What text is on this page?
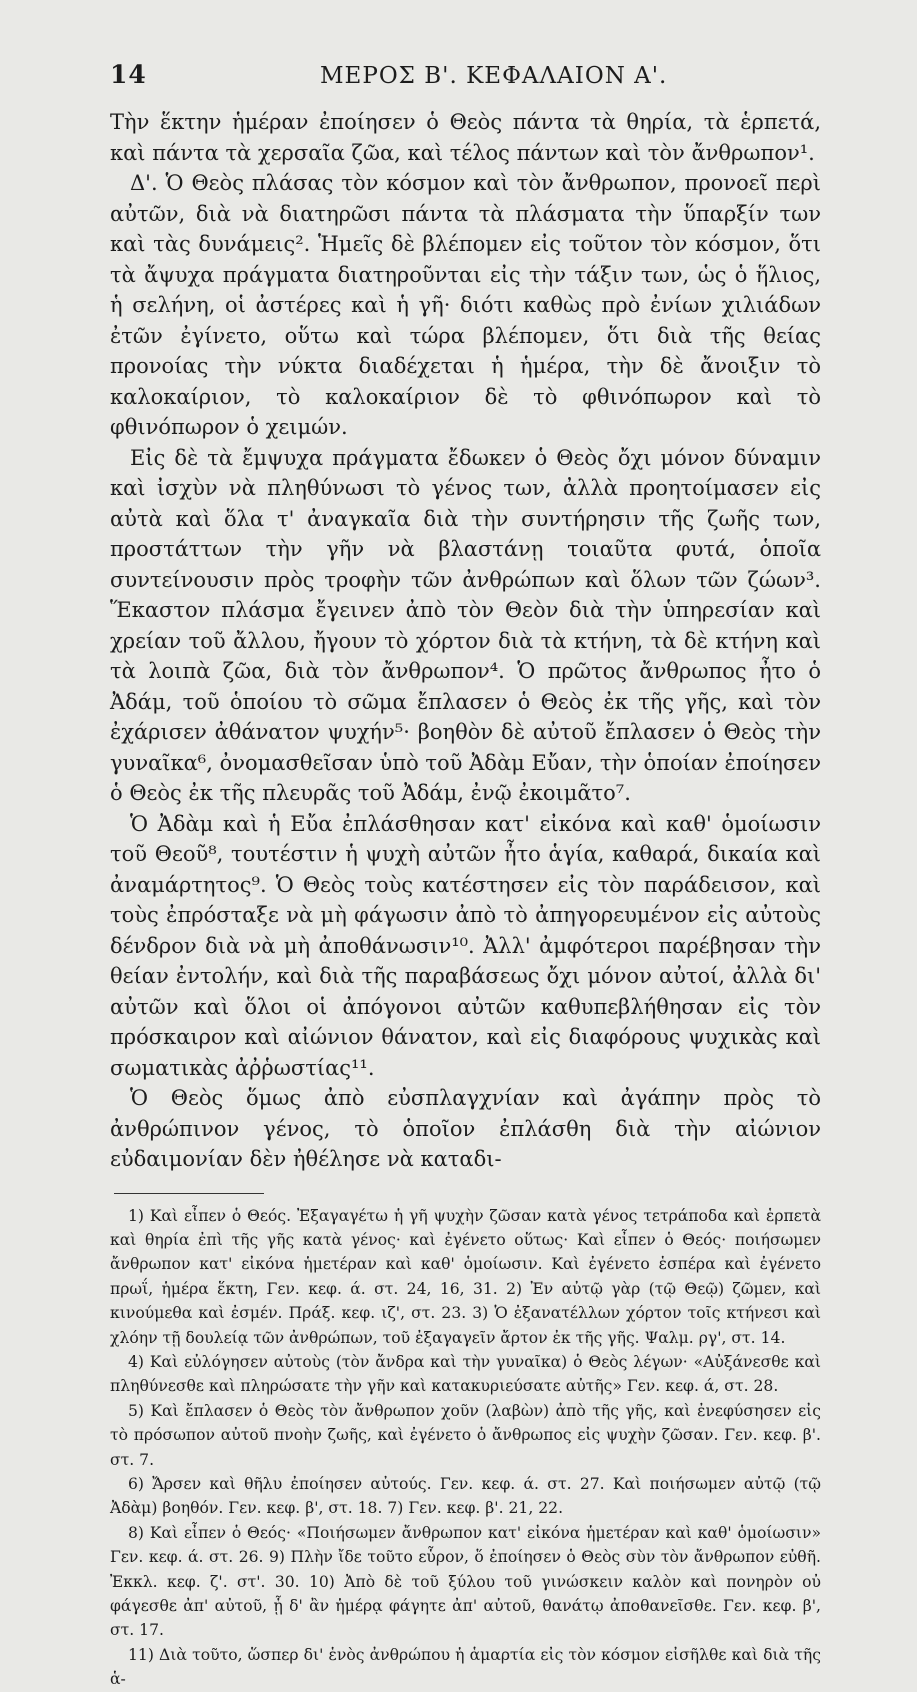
14	ΜΕΡΟΣ Β'. ΚΕΦΑΛΑΙΟΝ Α'.

Τὴν ἕκτην ἡμέραν ἐποίησεν ὁ Θεὸς πάντα τὰ θηρία, τὰ ἑρπετά, καὶ πάντα τὰ χερσαῖα ζῶα, καὶ τέλος πάντων καὶ τὸν ἄνθρωπον¹.

Δ'. Ὁ Θεὸς πλάσας τὸν κόσμον καὶ τὸν ἄνθρωπον, προνοεῖ περὶ αὐτῶν, διὰ νὰ διατηρῶσι πάντα τὰ πλάσματα τὴν ὕπαρξίν των καὶ τὰς δυνάμεις². Ἡμεῖς δὲ βλέπομεν εἰς τοῦτον τὸν κόσμον, ὅτι τὰ ἄψυχα πράγματα διατηροῦνται εἰς τὴν τάξιν των, ὡς ὁ ἥλιος, ἡ σελήνη, οἱ ἀστέρες καὶ ἡ γῆ· διότι καθὼς πρὸ ἐνίων χιλιάδων ἐτῶν ἐγίνετο, οὕτω καὶ τώρα βλέπομεν, ὅτι διὰ τῆς θείας προνοίας τὴν νύκτα διαδέχεται ἡ ἡμέρα, τὴν δὲ ἄνοιξιν τὸ καλοκαίριον, τὸ καλοκαίριον δὲ τὸ φθινόπωρον καὶ τὸ φθινόπωρον ὁ χειμών.

Εἰς δὲ τὰ ἔμψυχα πράγματα ἔδωκεν ὁ Θεὸς ὄχι μόνον δύναμιν καὶ ἰσχὺν νὰ πληθύνωσι τὸ γένος των, ἀλλὰ προητοίμασεν εἰς αὐτὰ καὶ ὅλα τ' ἀναγκαῖα διὰ τὴν συντήρησιν τῆς ζωῆς των, προστάττων τὴν γῆν νὰ βλαστάνῃ τοιαῦτα φυτά, ὁποῖα συντείνουσιν πρὸς τροφὴν τῶν ἀνθρώπων καὶ ὅλων τῶν ζώων³. Ἕκαστον πλάσμα ἔγεινεν ἀπὸ τὸν Θεὸν διὰ τὴν ὑπηρεσίαν καὶ χρείαν τοῦ ἄλλου, ἤγουν τὸ χόρτον διὰ τὰ κτήνη, τὰ δὲ κτήνη καὶ τὰ λοιπὰ ζῶα, διὰ τὸν ἄνθρωπον⁴. Ὁ πρῶτος ἄνθρωπος ἦτο ὁ Ἀδάμ, τοῦ ὁποίου τὸ σῶμα ἔπλασεν ὁ Θεὸς ἐκ τῆς γῆς, καὶ τὸν ἐχάρισεν ἀθάνατον ψυχήν⁵· βοηθὸν δὲ αὐτοῦ ἔπλασεν ὁ Θεὸς τὴν γυναῖκα⁶, ὀνομασθεῖσαν ὑπὸ τοῦ Ἀδὰμ Εὔαν, τὴν ὁποίαν ἐποίησεν ὁ Θεὸς ἐκ τῆς πλευρᾶς τοῦ Ἀδάμ, ἐνῷ ἐκοιμᾶτο⁷.

Ὁ Ἀδὰμ καὶ ἡ Εὔα ἐπλάσθησαν κατ' εἰκόνα καὶ καθ' ὁμοίωσιν τοῦ Θεοῦ⁸, τουτέστιν ἡ ψυχὴ αὐτῶν ἦτο ἁγία, καθαρά, δικαία καὶ ἀναμάρτητος⁹. Ὁ Θεὸς τοὺς κατέστησεν εἰς τὸν παράδεισον, καὶ τοὺς ἐπρόσταξε νὰ μὴ φάγωσιν ἀπὸ τὸ ἀπηγορευμένον εἰς αὐτοὺς δένδρον διὰ νὰ μὴ ἀποθάνωσιν¹⁰. Ἀλλ' ἀμφότεροι παρέβησαν τὴν θείαν ἐντολήν, καὶ διὰ τῆς παραβάσεως ὄχι μόνον αὐτοί, ἀλλὰ δι' αὐτῶν καὶ ὅλοι οἱ ἀπόγονοι αὐτῶν καθυπεβλήθησαν εἰς τὸν πρόσκαιρον καὶ αἰώνιον θάνατον, καὶ εἰς διαφόρους ψυχικὰς καὶ σωματικὰς ἀῤῥωστίας¹¹.

Ὁ Θεὸς ὅμως ἀπὸ εὐσπλαγχνίαν καὶ ἀγάπην πρὸς τὸ ἀνθρώπινον γένος, τὸ ὁποῖον ἐπλάσθη διὰ τὴν αἰώνιον εὐδαιμονίαν δὲν ἠθέλησε νὰ καταδι-

1) Καὶ εἶπεν ὁ Θεός. Ἐξαγαγέτω ἡ γῆ ψυχὴν ζῶσαν κατὰ γένος τετράποδα καὶ ἑρπετὰ καὶ θηρία ἐπὶ τῆς γῆς κατὰ γένος· καὶ ἐγένετο οὕτως· Καὶ εἶπεν ὁ Θεός· ποιήσωμεν ἄνθρωπον κατ' εἰκόνα ἡμετέραν καὶ καθ' ὁμοίωσιν. Καὶ ἐγένετο ἑσπέρα καὶ ἐγένετο πρωΐ, ἡμέρα ἕκτη, Γεν. κεφ. ά. στ. 24, 16, 31. 2) Ἐν αὐτῷ γὰρ (τῷ Θεῷ) ζῶμεν, καὶ κινούμεθα καὶ ἐσμέν. Πράξ. κεφ. ιζ', στ. 23. 3) Ὁ ἐξανατέλλων χόρτον τοῖς κτήνεσι καὶ χλόην τῇ δουλείᾳ τῶν ἀνθρώπων, τοῦ ἐξαγαγεῖν ἄρτον ἐκ τῆς γῆς. Ψαλμ. ργ', στ. 14.

4) Καὶ εὐλόγησεν αὐτοὺς (τὸν ἄνδρα καὶ τὴν γυναῖκα) ὁ Θεὸς λέγων· «Αὐξάνεσθε καὶ πληθύνεσθε καὶ πληρώσατε τὴν γῆν καὶ κατακυριεύσατε αὐτῆς» Γεν. κεφ. ά, στ. 28.

5) Καὶ ἔπλασεν ὁ Θεὸς τὸν ἄνθρωπον χοῦν (λαβὼν) ἀπὸ τῆς γῆς, καὶ ἐνεφύσησεν εἰς τὸ πρόσωπον αὐτοῦ πνοὴν ζωῆς, καὶ ἐγένετο ὁ ἄνθρωπος εἰς ψυχὴν ζῶσαν. Γεν. κεφ. β'. στ. 7.

6) Ἄρσεν καὶ θῆλυ ἐποίησεν αὐτούς. Γεν. κεφ. ά. στ. 27. Καὶ ποιήσωμεν αὐτῷ (τῷ Ἀδὰμ) βοηθόν. Γεν. κεφ. β', στ. 18. 7) Γεν. κεφ. β'. 21, 22.

8) Καὶ εἶπεν ὁ Θεός· «Ποιήσωμεν ἄνθρωπον κατ' εἰκόνα ἡμετέραν καὶ καθ' ὁμοίωσιν» Γεν. κεφ. ά. στ. 26. 9) Πλὴν ἴδε τοῦτο εὗρον, ὅ ἐποίησεν ὁ Θεὸς σὺν τὸν ἄνθρωπον εὐθῆ. Ἐκκλ. κεφ. ζ'. στ'. 30. 10) Ἀπὸ δὲ τοῦ ξύλου τοῦ γινώσκειν καλὸν καὶ πονηρὸν οὐ φάγεσθε ἀπ' αὐτοῦ, ᾗ δ' ἂν ἡμέρᾳ φάγητε ἀπ' αὐτοῦ, θανάτῳ ἀποθανεῖσθε. Γεν. κεφ. β', στ. 17.

11) Διὰ τοῦτο, ὥσπερ δι' ἑνὸς ἀνθρώπου ἡ ἁμαρτία εἰς τὸν κόσμον εἰσῆλθε καὶ διὰ τῆς ἁ-
